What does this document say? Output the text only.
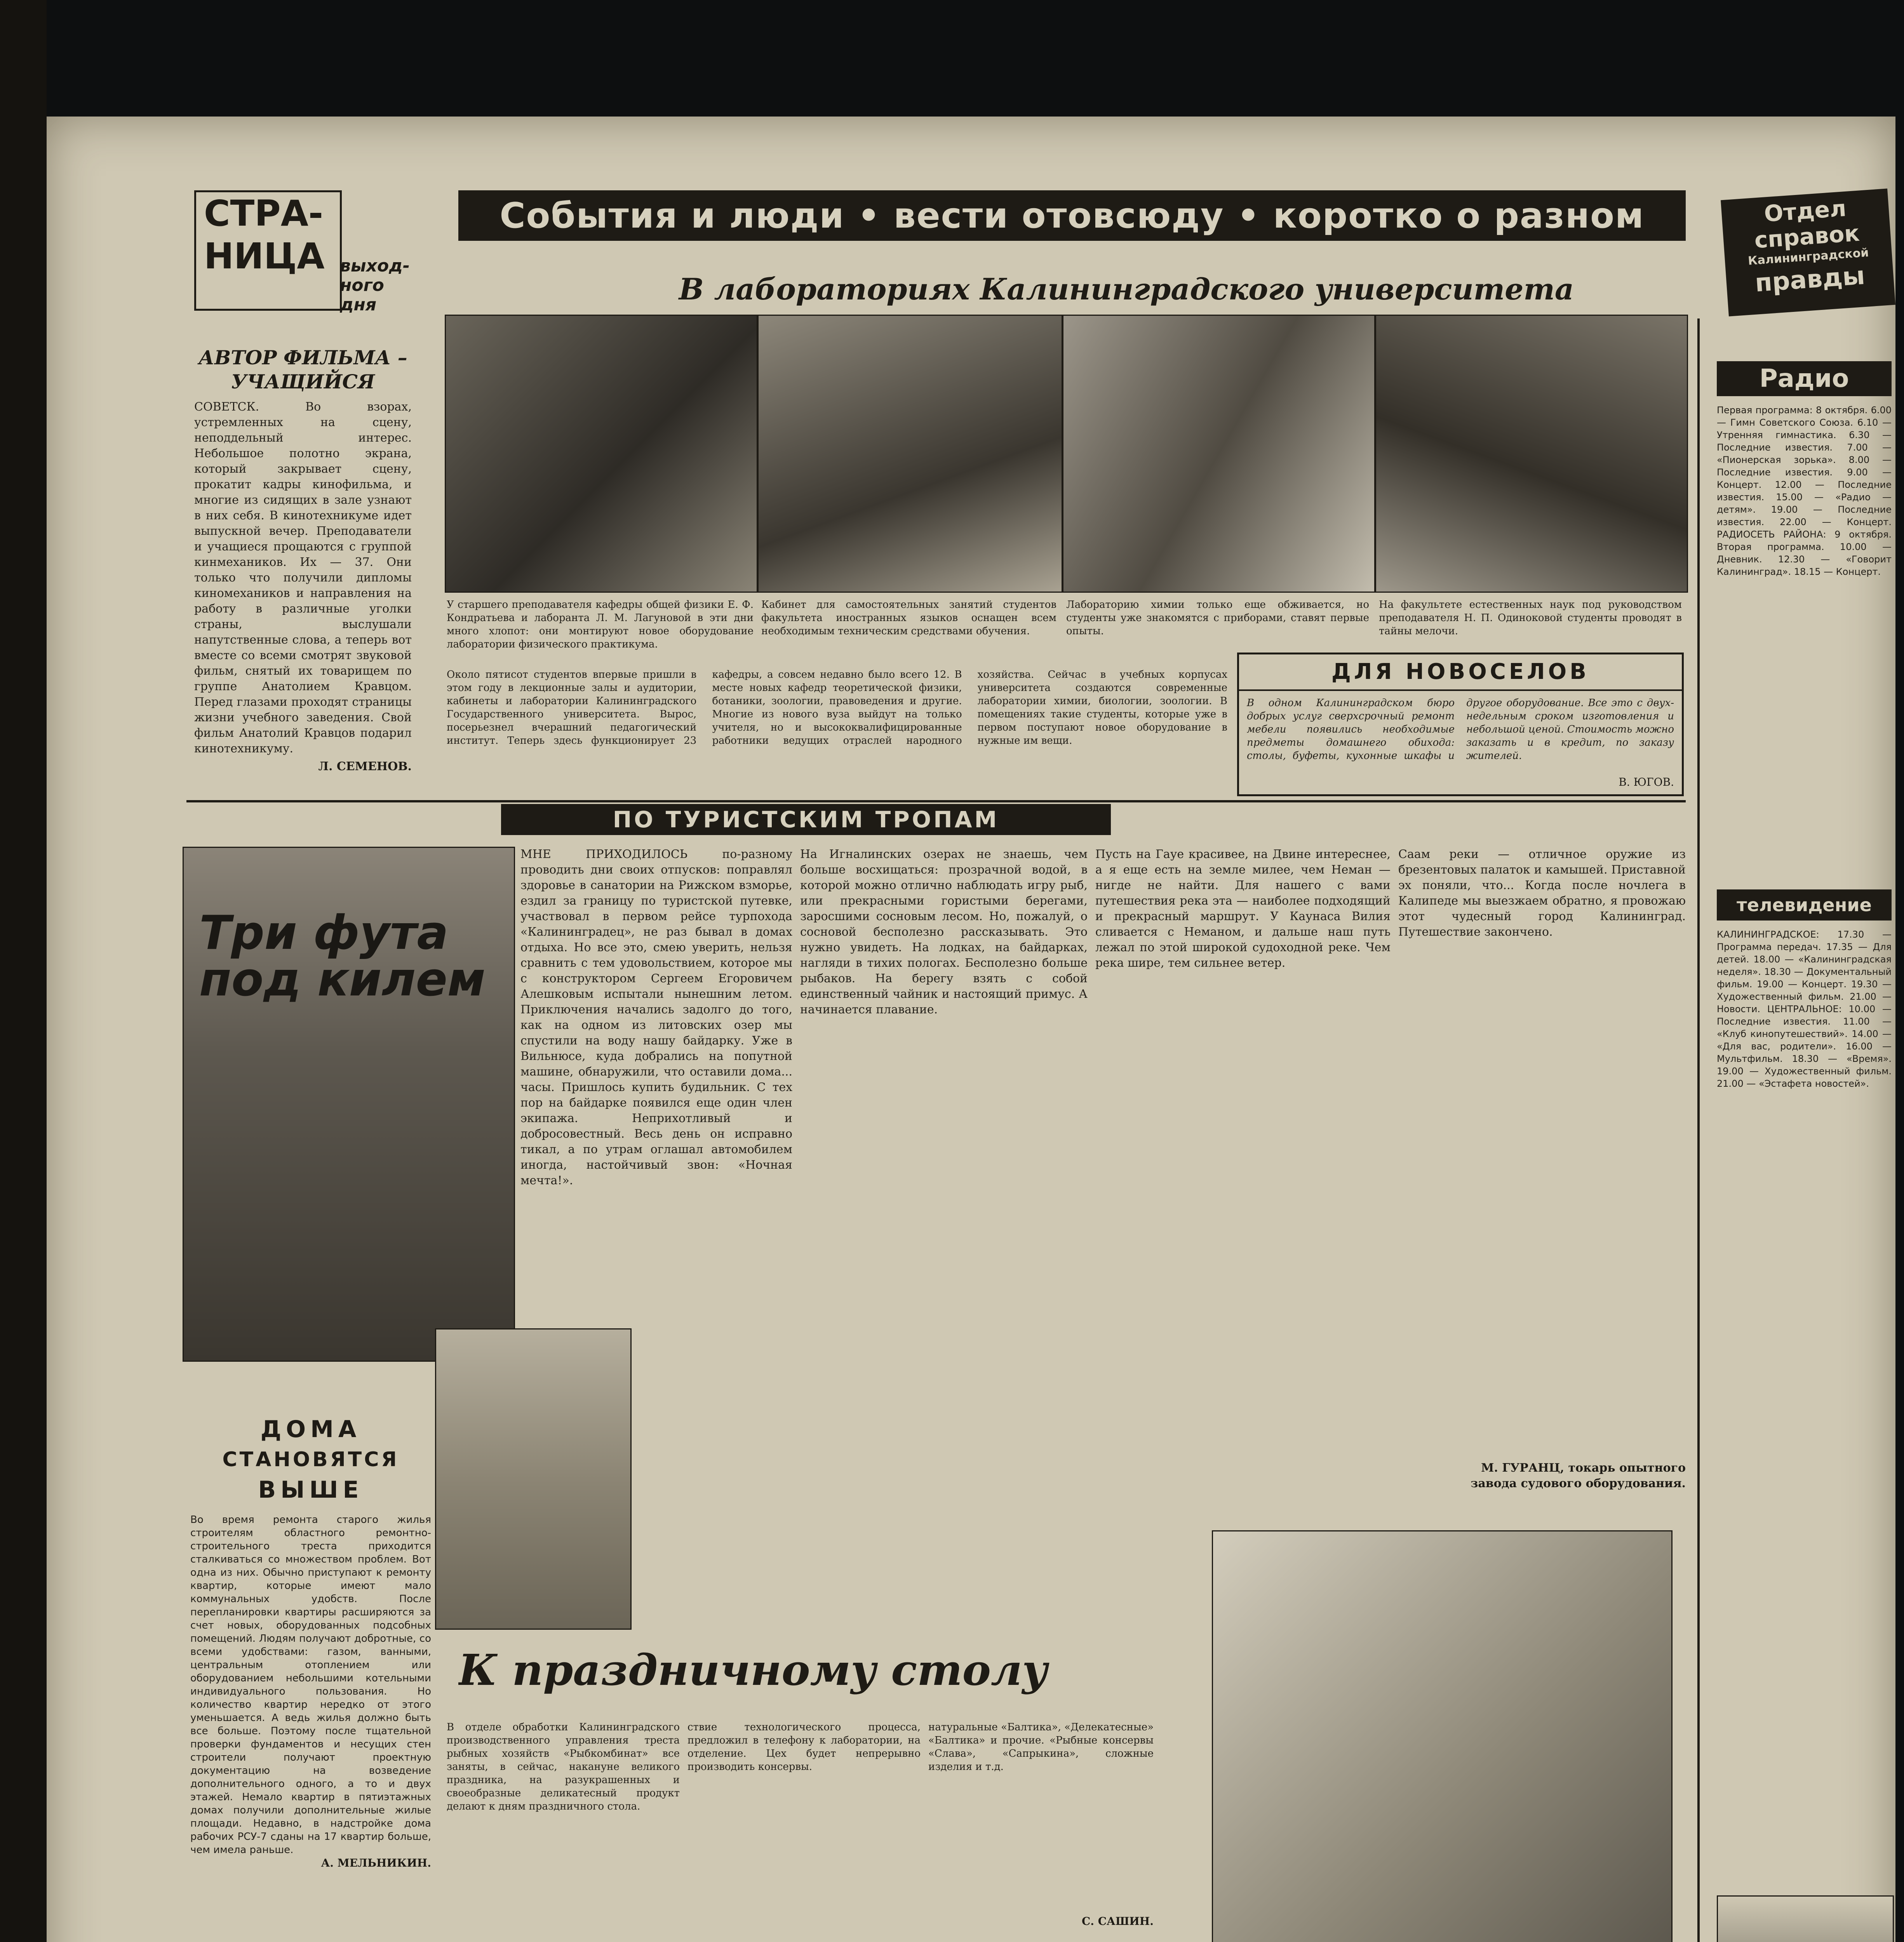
СТРА-
НИЦА выход-
ного
дня
События и люди • вести отовсюду • коротко о разном	Отдел
справок
Калининградской
правды
АВТОР ФИЛЬМА –
УЧАЩИЙСЯ
СОВЕТСК. Во взорах, устремленных на сцену, неподдельный интерес. Небольшое полотно экрана, который закрывает сцену, прокатит кадры кинофильма, и многие из сидящих в зале узнают в них себя. В кинотехникуме идет выпускной вечер. Преподаватели и учащиеся прощаются с группой кинмехаников. Их — 37. Они только что получили дипломы киномехаников и направления на работу в различные уголки страны, выслушали напутственные слова, а теперь вот вместе со всеми смотрят звуковой фильм, снятый их товарищем по группе Анатолием Кравцом. Перед глазами проходят страницы жизни учебного заведения. Свой фильм Анатолий Кравцов подарил кинотехникуму.
Л. СЕМЕНОВ.
В лабораториях Калининградского университета
У старшего преподавателя кафедры общей физики Е. Ф. Кондратьева и лаборанта Л. М. Лагуновой в эти дни много хлопот: они монтируют новое оборудование лаборатории физического практикума.
Кабинет для самостоятельных занятий студентов факультета иностранных языков оснащен всем необходимым техническим средствами обучения.
Лабораторию химии только еще обживается, но студенты уже знакомятся с приборами, ставят первые опыты.
На факультете естественных наук под руководством преподавателя Н. П. Одиноковой студенты проводят в тайны мелочи.
Около пятисот студентов впервые пришли в этом году в лекционные залы и аудитории, кабинеты и лаборатории Калининградского Государственного университета. Вырос, посерьезнел вчерашний педагогический институт. Теперь здесь функционирует 23 кафедры, а совсем недавно было всего 12. В месте новых кафедр теоретической физики, ботаники, зоологии, правоведения и другие. Многие из нового вуза выйдут на только учителя, но и высококвалифицированные работники ведущих отраслей народного хозяйства. Сейчас в учебных корпусах университета создаются современные лаборатории химии, биологии, зоологии. В помещениях такие студенты, которые уже в первом поступают новое оборудование в нужные им вещи.
ДЛЯ НОВОСЕЛОВ
В одном Калининградском бюро добрых услуг сверхсрочный ремонт мебели появились необходимые предметы домашнего обихода: столы, буфеты, кухонные шкафы и другое оборудование. Все это с двух-недельным сроком изготовления и небольшой ценой. Стоимость можно заказать и в кредит, по заказу жителей.
В. ЮГОВ.
ПО ТУРИСТСКИМ ТРОПАМ
Три фута под килем
МНЕ ПРИХОДИЛОСЬ по-разному проводить дни своих отпусков: поправлял здоровье в санатории на Рижском взморье, ездил за границу по туристской путевке, участвовал в первом рейсе турпохода «Калининградец», не раз бывал в домах отдыха. Но все это, смею уверить, нельзя сравнить с тем удовольствием, которое мы с конструктором Сергеем Егоровичем Алешковым испытали нынешним летом. Приключения начались задолго до того, как на одном из литовских озер мы спустили на воду нашу байдарку. Уже в Вильнюсе, куда добрались на попутной машине, обнаружили, что оставили дома... часы. Пришлось купить будильник. С тех пор на байдарке появился еще один член экипажа. Неприхотливый и добросовестный. Весь день он исправно тикал, а по утрам оглашал автомобилем иногда, настойчивый звон: «Ночная мечта!».
На Игналинских озерах не знаешь, чем больше восхищаться: прозрачной водой, в которой можно отлично наблюдать игру рыб, или прекрасными гористыми берегами, заросшими сосновым лесом. Но, пожалуй, о сосновой бесполезно рассказывать. Это нужно увидеть. На лодках, на байдарках, нагляди в тихих пологах. Бесполезно больше рыбаков. На берегу взять с собой единственный чайник и настоящий примус. А начинается плавание.
Пусть на Гауе красивее, на Двине интереснее, а я еще есть на земле милее, чем Неман — нигде не найти. Для нашего с вами путешествия река эта — наиболее подходящий и прекрасный маршрут. У Каунаса Вилия сливается с Неманом, и дальше наш путь лежал по этой широкой судоходной реке. Чем река шире, тем сильнее ветер.
Саам реки — отличное оружие из брезентовых палаток и камышей. Приставной эх поняли, что... Когда после ночлега в Калипеде мы выезжаем обратно, я провожаю этот чудесный город Калининград. Путешествие закончено.
М. ГУРАНЦ, токарь опытного завода судового оборудования.
ДОМА
СТАНОВЯТСЯ
ВЫШЕ
Во время ремонта старого жилья строителям областного ремонтно-строительного треста приходится сталкиваться со множеством проблем. Вот одна из них. Обычно приступают к ремонту квартир, которые имеют мало коммунальных удобств. После перепланировки квартиры расширяются за счет новых, оборудованных подсобных помещений. Людям получают добротные, со всеми удобствами: газом, ванными, центральным отоплением или оборудованием небольшими котельными индивидуального пользования. Но количество квартир нередко от этого уменьшается. А ведь жилья должно быть все больше. Поэтому после тщательной проверки фундаментов и несущих стен строители получают проектную документацию на возведение дополнительного одного, а то и двух этажей. Немало квартир в пятиэтажных домах получили дополнительные жилые площади. Недавно, в надстройке дома рабочих РСУ-7 сданы на 17 квартир больше, чем имела раньше.
А. МЕЛЬНИКИН.
К праздничному столу
В отделе обработки Калининградского производственного управления треста рыбных хозяйств «Рыбкомбинат» все заняты, в сейчас, накануне великого праздника, на разукрашенных и своеобразные деликатесный продукт делают к дням праздничного стола.
ствие технологического процесса, предложил в телефону к лаборатории, на отделение. Цех будет непрерывно производить консервы.
натуральные «Балтика», «Делекатесные» «Балтика» и прочие. «Рыбные консервы «Слава», «Сапрыкина», сложные изделия и т.д.
С. САШИН.
Радио
Первая программа: 8 октября. 6.00 — Гимн Советского Союза. 6.10 — Утренняя гимнастика. 6.30 — Последние известия. 7.00 — «Пионерская зорька». 8.00 — Последние известия. 9.00 — Концерт. 12.00 — Последние известия. 15.00 — «Радио — детям». 19.00 — Последние известия. 22.00 — Концерт. РАДИОСЕТЬ РАЙОНА: 9 октября. Вторая программа. 10.00 — Дневник. 12.30 — «Говорит Калининград». 18.15 — Концерт.
телевидение
КАЛИНИНГРАДСКОЕ: 17.30 — Программа передач. 17.35 — Для детей. 18.00 — «Калининградская неделя». 18.30 — Документальный фильм. 19.00 — Концерт. 19.30 — Художественный фильм. 21.00 — Новости. ЦЕНТРАЛЬНОЕ: 10.00 — Последние известия. 11.00 — «Клуб кинопутешествий». 14.00 — «Для вас, родители». 16.00 — Мультфильм. 18.30 — «Время». 19.00 — Художественный фильм. 21.00 — «Эстафета новостей».
